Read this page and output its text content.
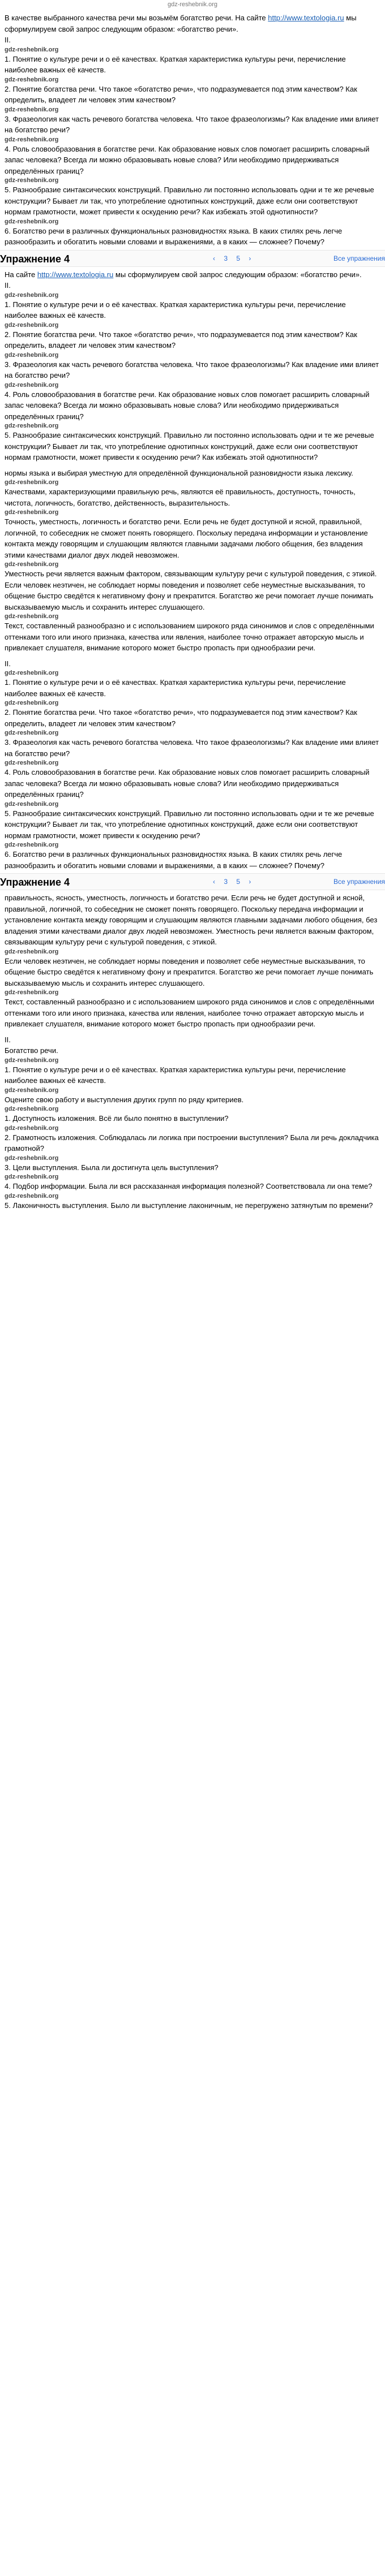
gdz-reshebnik.org

В качестве выбранного качества речи мы возьмём богатство речи. На сайте http://www.textologia.ru мы сформулируем свой запрос следующим образом: «богатство речи».

II.

gdz-reshebnik.org

1. Понятие о культуре речи и о её качествах. Краткая характеристика культуры речи, перечисление наиболее важных её качеств.

gdz-reshebnik.org

2. Понятие богатства речи. Что такое «богатство речи», что подразумевается под этим качеством? Как определить, владеет ли человек этим качеством?

gdz-reshebnik.org

3. Фразеология как часть речевого богатства человека. Что такое фразеологизмы? Как владение ими влияет на богатство речи?

gdz-reshebnik.org

4. Роль словообразования в богатстве речи. Как образование новых слов помогает расширить словарный запас человека? Всегда ли можно образовывать новые слова? Или необходимо придерживаться определённых границ?

gdz-reshebnik.org

5. Разнообразие синтаксических конструкций. Правильно ли постоянно использовать одни и те же речевые конструкции? Бывает ли так, что употребление однотипных конструкций, даже если они соответствуют нормам грамотности, может привести к оскудению речи? Как избежать этой однотипности?

gdz-reshebnik.org

6. Богатство речи в различных функциональных разновидностях языка. В каких стилях речь легче разнообразить и обогатить новыми словами и выражениями, а в каких — сложнее? Почему?

Упражнение 4	‹ 3 5 ›	Все упражнения

На сайте http://www.textologia.ru мы сформулируем свой запрос следующим образом: «богатство речи».

II.

gdz-reshebnik.org

1. Понятие о культуре речи и о её качествах. Краткая характеристика культуры речи, перечисление наиболее важных её качеств.

gdz-reshebnik.org

2. Понятие богатства речи. Что такое «богатство речи», что подразумевается под этим качеством? Как определить, владеет ли человек этим качеством?

gdz-reshebnik.org

3. Фразеология как часть речевого богатства человека. Что такое фразеологизмы? Как владение ими влияет на богатство речи?

gdz-reshebnik.org

4. Роль словообразования в богатстве речи. Как образование новых слов помогает расширить словарный запас человека? Всегда ли можно образовывать новые слова? Или необходимо придерживаться определённых границ?

gdz-reshebnik.org

5. Разнообразие синтаксических конструкций. Правильно ли постоянно использовать одни и те же речевые конструкции? Бывает ли так, что употребление однотипных конструкций, даже если они соответствуют нормам грамотности, может привести к оскудению речи? Как избежать этой однотипности?

нормы языка и выбирая уместную для определённой функциональной разновидности языка лексику.

gdz-reshebnik.org

Качествами, характеризующими правильную речь, являются её правильность, доступность, точность, чистота, логичность, богатство, действенность, выразительность.

gdz-reshebnik.org

Точность, уместность, логичность и богатство речи. Если речь не будет доступной и ясной, правильной, логичной, то собеседник не сможет понять говорящего. Поскольку передача информации и установление контакта между говорящим и слушающим являются главными задачами любого общения, без владения этими качествами диалог двух людей невозможен.

gdz-reshebnik.org

Уместность речи является важным фактором, связывающим культуру речи с культурой поведения, с этикой. Если человек неэтичен, не соблюдает нормы поведения и позволяет себе неуместные высказывания, то общение быстро сведётся к негативному фону и прекратится. Богатство же речи помогает лучше понимать высказываемую мысль и сохранить интерес слушающего.

gdz-reshebnik.org

Текст, составленный разнообразно и с использованием широкого ряда синонимов и слов с определёнными оттенками того или иного признака, качества или явления, наиболее точно отражает авторскую мысль и привлекает слушателя, внимание которого может быстро пропасть при однообразии речи.

II.

gdz-reshebnik.org

1. Понятие о культуре речи и о её качествах. Краткая характеристика культуры речи, перечисление наиболее важных её качеств.

gdz-reshebnik.org

2. Понятие богатства речи. Что такое «богатство речи», что подразумевается под этим качеством? Как определить, владеет ли человек этим качеством?

gdz-reshebnik.org

3. Фразеология как часть речевого богатства человека. Что такое фразеологизмы? Как владение ими влияет на богатство речи?

gdz-reshebnik.org

4. Роль словообразования в богатстве речи. Как образование новых слов помогает расширить словарный запас человека? Всегда ли можно образовывать новые слова? Или необходимо придерживаться определённых границ?

gdz-reshebnik.org

5. Разнообразие синтаксических конструкций. Правильно ли постоянно использовать одни и те же речевые конструкции? Бывает ли так, что употребление однотипных конструкций, даже если они соответствуют нормам грамотности, может привести к оскудению речи?

gdz-reshebnik.org

6. Богатство речи в различных функциональных разновидностях языка. В каких стилях речь легче разнообразить и обогатить новыми словами и выражениями, а в каких — сложнее? Почему?

Упражнение 4	‹ 3 5 ›	Все упражнения

правильность, ясность, уместность, логичность и богатство речи. Если речь не будет доступной и ясной, правильной, логичной, то собеседник не сможет понять говорящего. Поскольку передача информации и установление контакта между говорящим и слушающим являются главными задачами любого общения, без владения этими качествами диалог двух людей невозможен. Уместность речи является важным фактором, связывающим культуру речи с культурой поведения, с этикой.

gdz-reshebnik.org

Если человек неэтичен, не соблюдает нормы поведения и позволяет себе неуместные высказывания, то общение быстро сведётся к негативному фону и прекратится. Богатство же речи помогает лучше понимать высказываемую мысль и сохранить интерес слушающего.

gdz-reshebnik.org

Текст, составленный разнообразно и с использованием широкого ряда синонимов и слов с определёнными оттенками того или иного признака, качества или явления, наиболее точно отражает авторскую мысль и привлекает слушателя, внимание которого может быстро пропасть при однообразии речи.

II.

Богатство речи.

gdz-reshebnik.org

1. Понятие о культуре речи и о её качествах. Краткая характеристика культуры речи, перечисление наиболее важных её качеств.

gdz-reshebnik.org

Оцените свою работу и выступления других групп по ряду критериев.

gdz-reshebnik.org

1. Доступность изложения. Всё ли было понятно в выступлении?

gdz-reshebnik.org

2. Грамотность изложения. Соблюдалась ли логика при построении выступления? Была ли речь докладчика грамотной?

gdz-reshebnik.org

3. Цели выступления. Была ли достигнута цель выступления?

gdz-reshebnik.org

4. Подбор информации. Была ли вся рассказанная информация полезной? Соответствовала ли она теме?

gdz-reshebnik.org

5. Лаконичность выступления. Было ли выступление лаконичным, не перегружено затянутым по времени?
